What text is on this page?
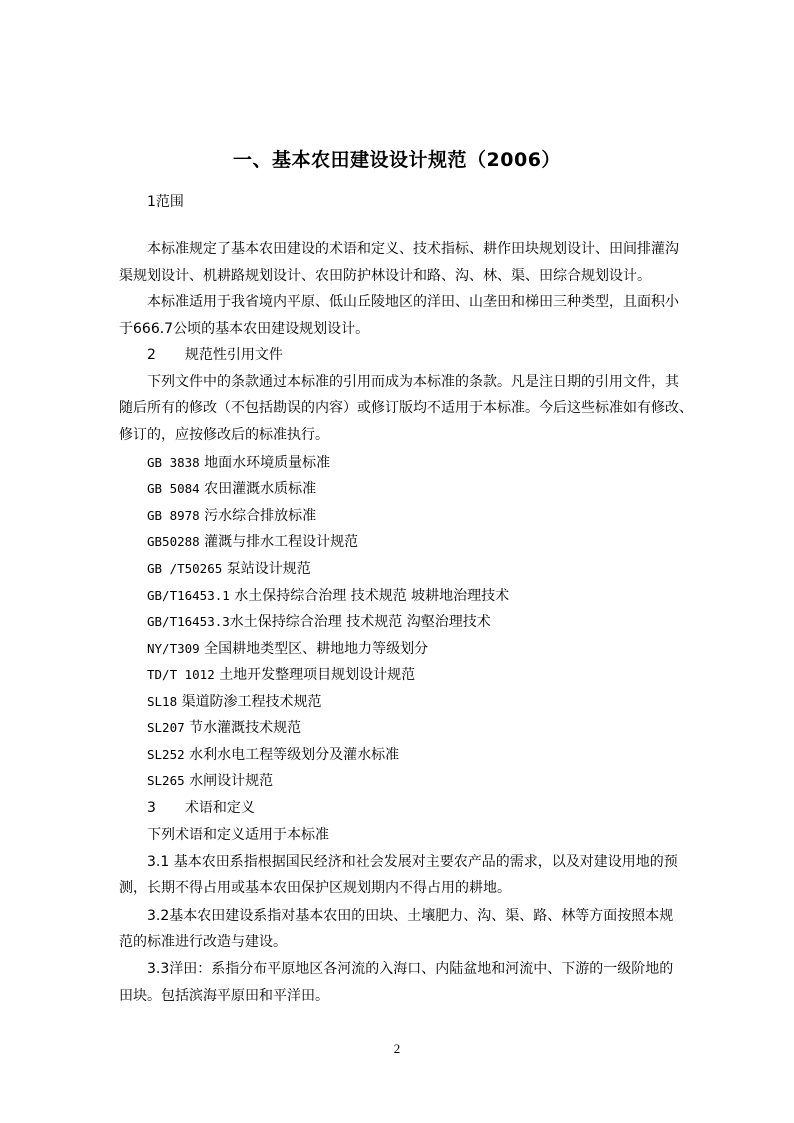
一、基本农田建设设计规范（2006）
1范围
本标准规定了基本农田建设的术语和定义、技术指标、耕作田块规划设计、田间排灌沟
渠规划设计、机耕路规划设计、农田防护林设计和路、沟、林、渠、田综合规划设计。
本标准适用于我省境内平原、低山丘陵地区的洋田、山垄田和梯田三种类型，且面积小
于666.7公顷的基本农田建设规划设计。
2 规范性引用文件
下列文件中的条款通过本标准的引用而成为本标准的条款。凡是注日期的引用文件，其
随后所有的修改（不包括勘误的内容）或修订版均不适用于本标准。今后这些标准如有修改、
修订的，应按修改后的标准执行。
GB 3838 地面水环境质量标准
GB 5084 农田灌溉水质标准
GB 8978 污水综合排放标准
GB50288 灌溉与排水工程设计规范
GB /T50265 泵站设计规范
GB/T16453.1 水土保持综合治理 技术规范 坡耕地治理技术
GB/T16453.3水土保持综合治理 技术规范 沟壑治理技术
NY/T309 全国耕地类型区、耕地地力等级划分
TD/T 1012 土地开发整理项目规划设计规范
SL18 渠道防渗工程技术规范
SL207 节水灌溉技术规范
SL252 水利水电工程等级划分及灌水标准
SL265 水闸设计规范
3 术语和定义
下列术语和定义适用于本标准
3.1 基本农田系指根据国民经济和社会发展对主要农产品的需求，以及对建设用地的预
测，长期不得占用或基本农田保护区规划期内不得占用的耕地。
3.2基本农田建设系指对基本农田的田块、土壤肥力、沟、渠、路、林等方面按照本规
范的标准进行改造与建设。
3.3洋田：系指分布平原地区各河流的入海口、内陆盆地和河流中、下游的一级阶地的
田块。包括滨海平原田和平洋田。
2
